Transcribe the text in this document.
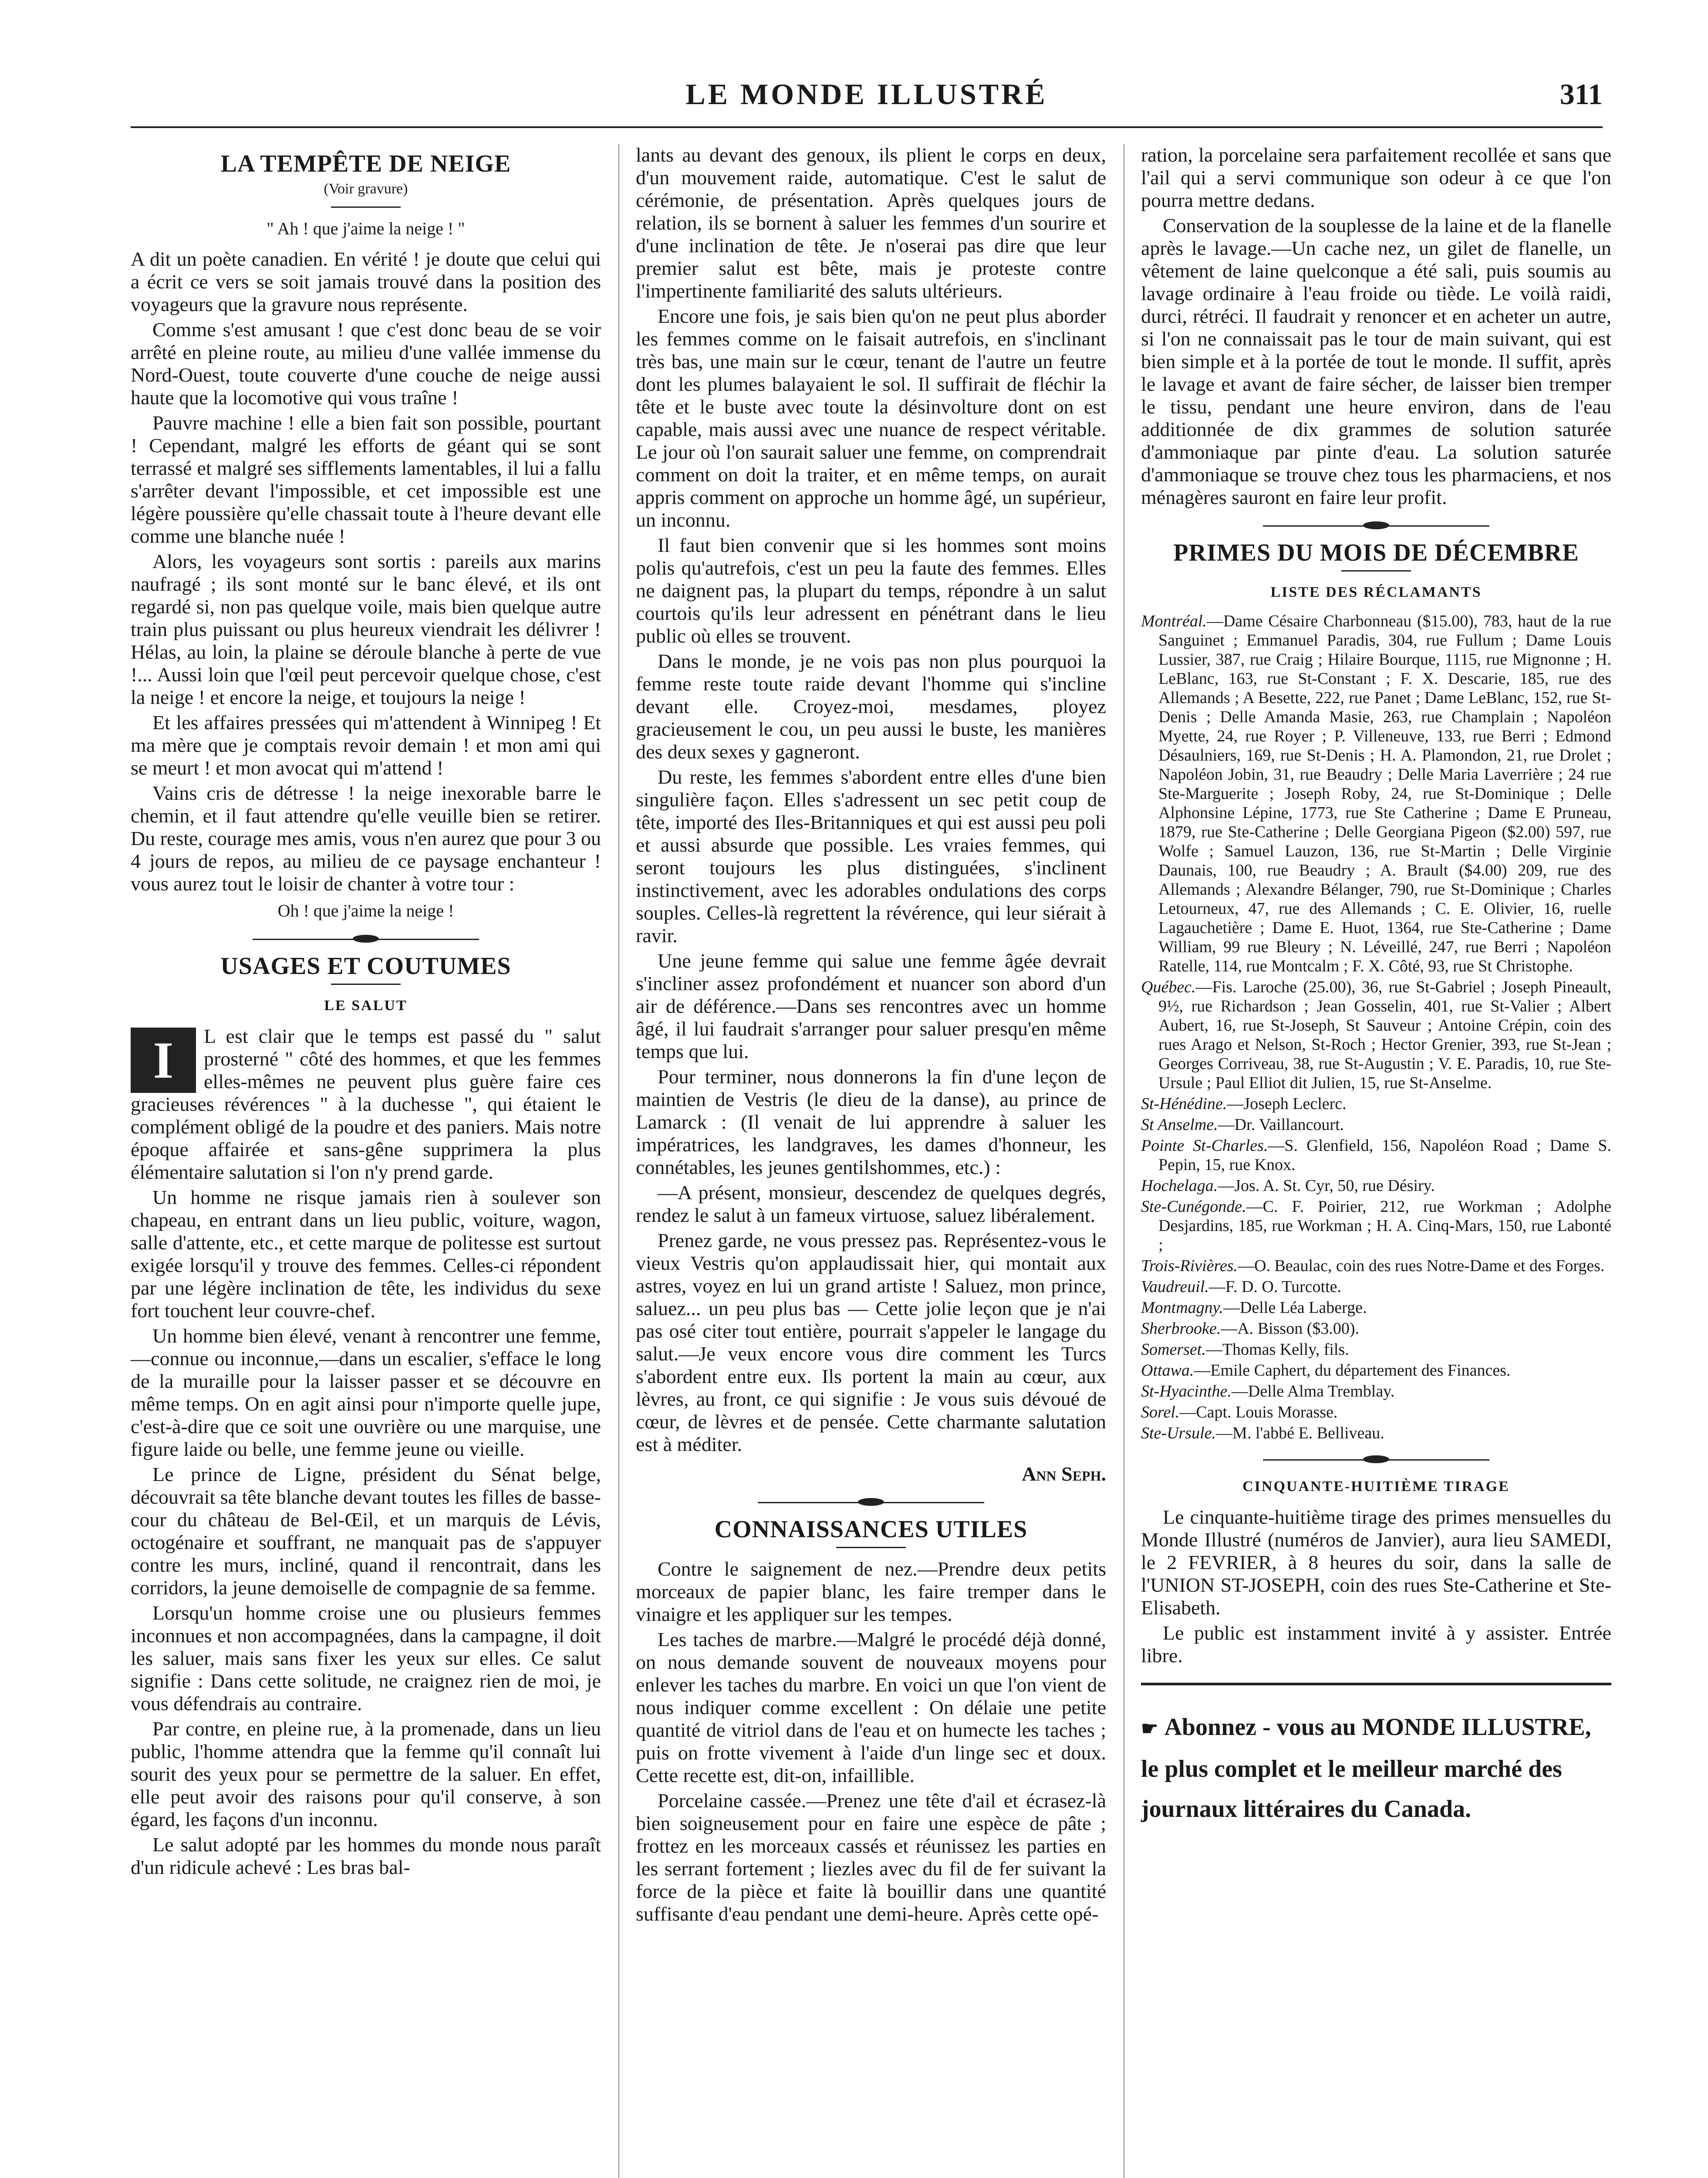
LE MONDE ILLUSTRÉ	311
LA TEMPÊTE DE NEIGE
(Voir gravure)
" Ah ! que j'aime la neige ! "

A dit un poète canadien. En vérité ! je doute que celui qui a écrit ce vers se soit jamais trouvé dans la position des voyageurs que la gravure nous représente.

Comme s'est amusant ! que c'est donc beau de se voir arrêté en pleine route, au milieu d'une vallée immense du Nord-Ouest, toute couverte d'une couche de neige aussi haute que la locomotive qui vous traîne !

Pauvre machine ! elle a bien fait son possible, pourtant ! Cependant, malgré les efforts de géant qui se sont terrassé et malgré ses sifflements lamentables, il lui a fallu s'arrêter devant l'impossible, et cet impossible est une légère poussière qu'elle chassait toute à l'heure devant elle comme une blanche nuée !

Alors, les voyageurs sont sortis : pareils aux marins naufragé ; ils sont monté sur le banc élevé, et ils ont regardé si, non pas quelque voile, mais bien quelque autre train plus puissant ou plus heureux viendrait les délivrer ! Hélas, au loin, la plaine se déroule blanche à perte de vue !... Aussi loin que l'œil peut percevoir quelque chose, c'est la neige ! et encore la neige, et toujours la neige !

Et les affaires pressées qui m'attendent à Winnipeg ! Et ma mère que je comptais revoir demain ! et mon ami qui se meurt ! et mon avocat qui m'attend !

Vains cris de détresse ! la neige inexorable barre le chemin, et il faut attendre qu'elle veuille bien se retirer. Du reste, courage mes amis, vous n'en aurez que pour 3 ou 4 jours de repos, au milieu de ce paysage enchanteur ! vous aurez tout le loisir de chanter à votre tour :

Oh ! que j'aime la neige !
USAGES ET COUTUMES
LE SALUT

I	L est clair que le temps est passé du " salut prosterné " côté des hommes, et que les femmes elles-mêmes ne peuvent plus guère faire ces gracieuses révérences " à la duchesse ", qui étaient le complément obligé de la poudre et des paniers. Mais notre époque affairée et sans-gêne supprimera la plus élémentaire salutation si l'on n'y prend garde.

Un homme ne risque jamais rien à soulever son chapeau, en entrant dans un lieu public, voiture, wagon, salle d'attente, etc., et cette marque de politesse est surtout exigée lorsqu'il y trouve des femmes. Celles-ci répondent par une légère inclination de tête, les individus du sexe fort touchent leur couvre-chef.

Un homme bien élevé, venant à rencontrer une femme,—connue ou inconnue,—dans un escalier, s'efface le long de la muraille pour la laisser passer et se découvre en même temps. On en agit ainsi pour n'importe quelle jupe, c'est-à-dire que ce soit une ouvrière ou une marquise, une figure laide ou belle, une femme jeune ou vieille.

Le prince de Ligne, président du Sénat belge, découvrait sa tête blanche devant toutes les filles de basse-cour du château de Bel-Œil, et un marquis de Lévis, octogénaire et souffrant, ne manquait pas de s'appuyer contre les murs, incliné, quand il rencontrait, dans les corridors, la jeune demoiselle de compagnie de sa femme.

Lorsqu'un homme croise une ou plusieurs femmes inconnues et non accompagnées, dans la campagne, il doit les saluer, mais sans fixer les yeux sur elles. Ce salut signifie : Dans cette solitude, ne craignez rien de moi, je vous défendrais au contraire.

Par contre, en pleine rue, à la promenade, dans un lieu public, l'homme attendra que la femme qu'il connaît lui sourit des yeux pour se permettre de la saluer. En effet, elle peut avoir des raisons pour qu'il conserve, à son égard, les façons d'un inconnu.

Le salut adopté par les hommes du monde nous paraît d'un ridicule achevé : Les bras bal-

lants au devant des genoux, ils plient le corps en deux, d'un mouvement raide, automatique. C'est le salut de cérémonie, de présentation. Après quelques jours de relation, ils se bornent à saluer les femmes d'un sourire et d'une inclination de tête. Je n'oserai pas dire que leur premier salut est bête, mais je proteste contre l'impertinente familiarité des saluts ultérieurs.

Encore une fois, je sais bien qu'on ne peut plus aborder les femmes comme on le faisait autrefois, en s'inclinant très bas, une main sur le cœur, tenant de l'autre un feutre dont les plumes balayaient le sol. Il suffirait de fléchir la tête et le buste avec toute la désinvolture dont on est capable, mais aussi avec une nuance de respect véritable. Le jour où l'on saurait saluer une femme, on comprendrait comment on doit la traiter, et en même temps, on aurait appris comment on approche un homme âgé, un supérieur, un inconnu.

Il faut bien convenir que si les hommes sont moins polis qu'autrefois, c'est un peu la faute des femmes. Elles ne daignent pas, la plupart du temps, répondre à un salut courtois qu'ils leur adressent en pénétrant dans le lieu public où elles se trouvent.

Dans le monde, je ne vois pas non plus pourquoi la femme reste toute raide devant l'homme qui s'incline devant elle. Croyez-moi, mesdames, ployez gracieusement le cou, un peu aussi le buste, les manières des deux sexes y gagneront.

Du reste, les femmes s'abordent entre elles d'une bien singulière façon. Elles s'adressent un sec petit coup de tête, importé des Iles-Britanniques et qui est aussi peu poli et aussi absurde que possible. Les vraies femmes, qui seront toujours les plus distinguées, s'inclinent instinctivement, avec les adorables ondulations des corps souples. Celles-là regrettent la révérence, qui leur siérait à ravir.

Une jeune femme qui salue une femme âgée devrait s'incliner assez profondément et nuancer son abord d'un air de déférence.—Dans ses rencontres avec un homme âgé, il lui faudrait s'arranger pour saluer presqu'en même temps que lui.

Pour terminer, nous donnerons la fin d'une leçon de maintien de Vestris (le dieu de la danse), au prince de Lamarck : (Il venait de lui apprendre à saluer les impératrices, les landgraves, les dames d'honneur, les connétables, les jeunes gentilshommes, etc.) :

—A présent, monsieur, descendez de quelques degrés, rendez le salut à un fameux virtuose, saluez libéralement.

Prenez garde, ne vous pressez pas. Représentez-vous le vieux Vestris qu'on applaudissait hier, qui montait aux astres, voyez en lui un grand artiste ! Saluez, mon prince, saluez... un peu plus bas — Cette jolie leçon que je n'ai pas osé citer tout entière, pourrait s'appeler le langage du salut.—Je veux encore vous dire comment les Turcs s'abordent entre eux. Ils portent la main au cœur, aux lèvres, au front, ce qui signifie : Je vous suis dévoué de cœur, de lèvres et de pensée. Cette charmante salutation est à méditer.

Ann Seph.
CONNAISSANCES UTILES

Contre le saignement de nez.—Prendre deux petits morceaux de papier blanc, les faire tremper dans le vinaigre et les appliquer sur les tempes.

Les taches de marbre.—Malgré le procédé déjà donné, on nous demande souvent de nouveaux moyens pour enlever les taches du marbre. En voici un que l'on vient de nous indiquer comme excellent : On délaie une petite quantité de vitriol dans de l'eau et on humecte les taches ; puis on frotte vivement à l'aide d'un linge sec et doux. Cette recette est, dit-on, infaillible.

Porcelaine cassée.—Prenez une tête d'ail et écrasez-là bien soigneusement pour en faire une espèce de pâte ; frottez en les morceaux cassés et réunissez les parties en les serrant fortement ; liezles avec du fil de fer suivant la force de la pièce et faite là bouillir dans une quantité suffisante d'eau pendant une demi-heure. Après cette opé-

ration, la porcelaine sera parfaitement recollée et sans que l'ail qui a servi communique son odeur à ce que l'on pourra mettre dedans.

Conservation de la souplesse de la laine et de la flanelle après le lavage.—Un cache nez, un gilet de flanelle, un vêtement de laine quelconque a été sali, puis soumis au lavage ordinaire à l'eau froide ou tiède. Le voilà raidi, durci, rétréci. Il faudrait y renoncer et en acheter un autre, si l'on ne connaissait pas le tour de main suivant, qui est bien simple et à la portée de tout le monde. Il suffit, après le lavage et avant de faire sécher, de laisser bien tremper le tissu, pendant une heure environ, dans de l'eau additionnée de dix grammes de solution saturée d'ammoniaque par pinte d'eau. La solution saturée d'ammoniaque se trouve chez tous les pharmaciens, et nos ménagères sauront en faire leur profit.

PRIMES DU MOIS DE DÉCEMBRE
LISTE DES RÉCLAMANTS

Montréal.—Dame Césaire Charbonneau ($15.00), 783, haut de la rue Sanguinet ; Emmanuel Paradis, 304, rue Fullum ; Dame Louis Lussier, 387, rue Craig ; Hilaire Bourque, 1115, rue Mignonne ; H. LeBlanc, 163, rue St-Constant ; F. X. Descarie, 185, rue des Allemands ; A Besette, 222, rue Panet ; Dame LeBlanc, 152, rue St-Denis ; Delle Amanda Masie, 263, rue Champlain ; Napoléon Myette, 24, rue Royer ; P. Villeneuve, 133, rue Berri ; Edmond Désaulniers, 169, rue St-Denis ; H. A. Plamondon, 21, rue Drolet ; Napoléon Jobin, 31, rue Beaudry ; Delle Maria Laverrière ; 24 rue Ste-Marguerite ; Joseph Roby, 24, rue St-Dominique ; Delle Alphonsine Lépine, 1773, rue Ste Catherine ; Dame E Pruneau, 1879, rue Ste-Catherine ; Delle Georgiana Pigeon ($2.00) 597, rue Wolfe ; Samuel Lauzon, 136, rue St-Martin ; Delle Virginie Daunais, 100, rue Beaudry ; A. Brault ($4.00) 209, rue des Allemands ; Alexandre Bélanger, 790, rue St-Dominique ; Charles Letourneux, 47, rue des Allemands ; C. E. Olivier, 16, ruelle Lagauchetière ; Dame E. Huot, 1364, rue Ste-Catherine ; Dame William, 99 rue Bleury ; N. Léveillé, 247, rue Berri ; Napoléon Ratelle, 114, rue Montcalm ; F. X. Côté, 93, rue St Christophe.

Québec.—Fis. Laroche (25.00), 36, rue St-Gabriel ; Joseph Pineault, 9½, rue Richardson ; Jean Gosselin, 401, rue St-Valier ; Albert Aubert, 16, rue St-Joseph, St Sauveur ; Antoine Crépin, coin des rues Arago et Nelson, St-Roch ; Hector Grenier, 393, rue St-Jean ; Georges Corriveau, 38, rue St-Augustin ; V. E. Paradis, 10, rue Ste-Ursule ; Paul Elliot dit Julien, 15, rue St-Anselme.

St-Hénédine.—Joseph Leclerc.

St Anselme.—Dr. Vaillancourt.

Pointe St-Charles.—S. Glenfield, 156, Napoléon Road ; Dame S. Pepin, 15, rue Knox.

Hochelaga.—Jos. A. St. Cyr, 50, rue Désiry.

Ste-Cunégonde.—C. F. Poirier, 212, rue Workman ; Adolphe Desjardins, 185, rue Workman ; H. A. Cinq-Mars, 150, rue Labonté ;

Trois-Rivières.—O. Beaulac, coin des rues Notre-Dame et des Forges.

Vaudreuil.—F. D. O. Turcotte.

Montmagny.—Delle Léa Laberge.

Sherbrooke.—A. Bisson ($3.00).

Somerset.—Thomas Kelly, fils.

Ottawa.—Emile Caphert, du département des Finances.

St-Hyacinthe.—Delle Alma Tremblay.

Sorel.—Capt. Louis Morasse.

Ste-Ursule.—M. l'abbé E. Belliveau.

CINQUANTE-HUITIÈME TIRAGE

Le cinquante-huitième tirage des primes mensuelles du Monde Illustré (numéros de Janvier), aura lieu SAMEDI, le 2 FEVRIER, à 8 heures du soir, dans la salle de l'UNION ST-JOSEPH, coin des rues Ste-Catherine et Ste-Elisabeth.

Le public est instamment invité à y assister. Entrée libre.

☛ Abonnez - vous au MONDE ILLUSTRE, le plus complet et le meilleur marché des journaux littéraires du Canada.
